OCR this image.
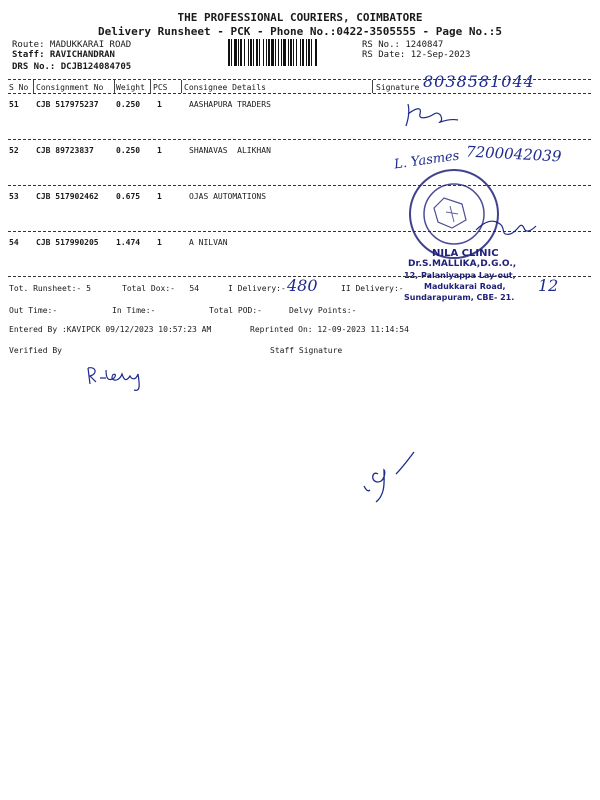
THE PROFESSIONAL COURIERS, COIMBATORE
Delivery Runsheet - PCK - Phone No.:0422-3505555 - Page No.:5
Route: MADUKKARAI ROAD
Staff: RAVICHANDRAN
DRS No.: DCJB124084705
RS No.: 1240847
RS Date: 12-Sep-2023
S No Consignment No Weight PCS Consignee Details	Signature
51 CJB 517975237 0.250 1	AASHAPURA TRADERS
52 CJB 89723837	0.250 1	SHANAVAS  ALIKHAN
53 CJB 517902462 0.675 1	OJAS AUTOMATIONS
54 CJB 517990205 1.474 1	A NILVAN
Tot. Runsheet:- 5	Total Dox:-   54	I Delivery:-	II Delivery:-
Out Time:-	In Time:-	Total POD:-	Delvy Points:-
Entered By :KAVIPCK 09/12/2023 10:57:23 AM	Reprinted On: 12-09-2023 11:14:54
Verified By	Staff Signature
8038581044
L. Yasmes 7200042039
480	12
NILA CLINIC
Dr.S.MALLIKA,D.G.O.,
12, Palaniyappa Lay-out,
Madukkarai Road,
Sundarapuram, CBE- 21.
